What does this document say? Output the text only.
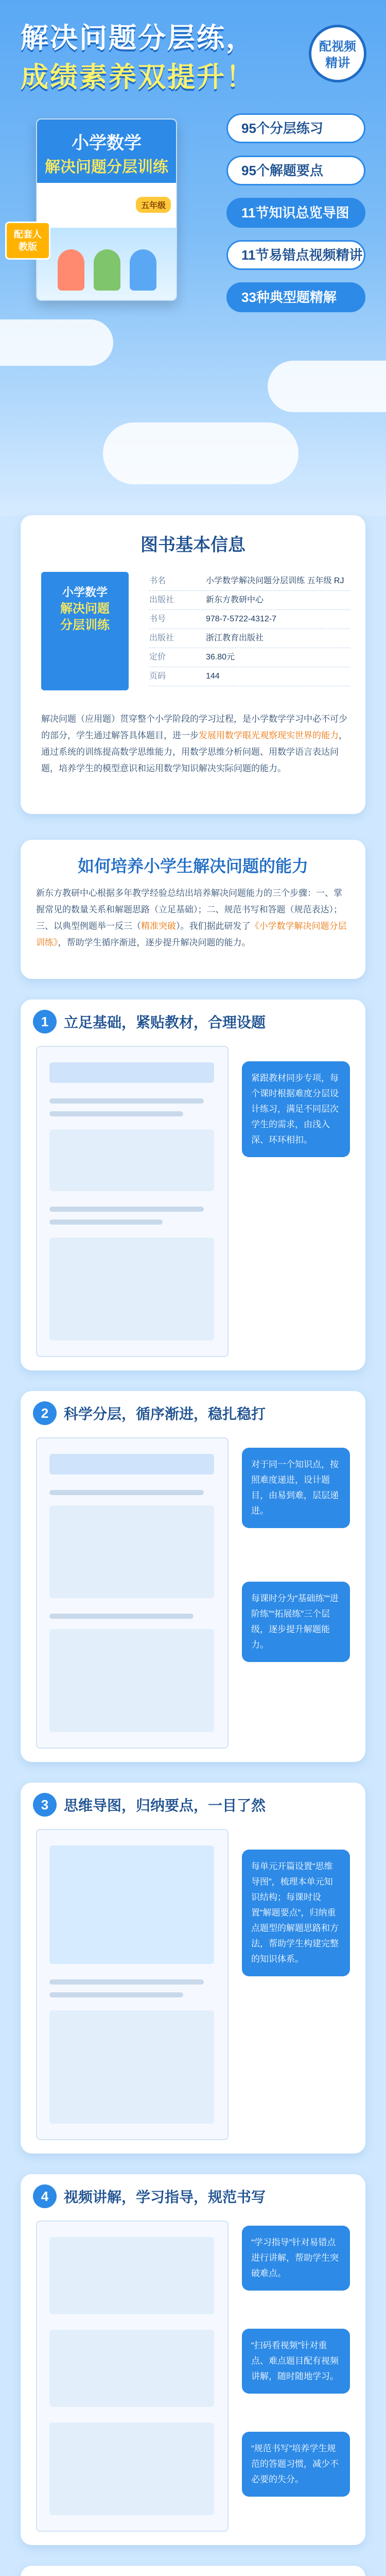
解决问题分层练，
成绩素养双提升！
配视频
精讲
小学数学
解决问题分层训练
五年级
配套人教版
95个分层练习
95个解题要点
11节知识总览导图
11节易错点视频精讲
33种典型题精解
图书基本信息
小学数学
解决问题
分层训练
书名	小学数学解决问题分层训练 五年级 RJ
出版社	新东方教研中心
书号	978-7-5722-4312-7
出版社	浙江教育出版社
定价	36.80元
页码	144
解决问题（应用题）贯穿整个小学阶段的学习过程，是小学数学学习中必不可少的部分，学生通过解答具体题目，进一步发展用数学眼光观察现实世界的能力，通过系统的训练提高数学思维能力，用数学思维分析问题、用数学语言表达问题，培养学生的模型意识和运用数学知识解决实际问题的能力。
如何培养小学生解决问题的能力
新东方教研中心根据多年教学经验总结出培养解决问题能力的三个步骤：一、掌握常见的数量关系和解题思路（立足基础）；二、规范书写和答题（规范表达）；三、以典型例题举一反三（精准突破）。我们据此研发了《小学数学解决问题分层训练》，帮助学生循序渐进，逐步提升解决问题的能力。
1	立足基础，紧贴教材，合理设题
紧跟教材同步专项，每个课时根据难度分层设计练习，满足不同层次学生的需求，由浅入深、环环相扣。
2	科学分层，循序渐进，稳扎稳打
对于同一个知识点，按照难度递进，设计题目，由易到难，层层递进。
每课时分为“基础练”“进阶练”“拓展练”三个层级，逐步提升解题能力。
3	思维导图，归纳要点，一目了然
每单元开篇设置“思维导图”，梳理本单元知识结构；每课时设置“解题要点”，归纳重点题型的解题思路和方法，帮助学生构建完整的知识体系。
4	视频讲解，学习指导，规范书写
“学习指导”针对易错点进行讲解，帮助学生突破难点。
“扫码看视频”针对重点、难点题目配有视频讲解，随时随地学习。
“规范书写”培养学生规范的答题习惯，减少不必要的失分。
